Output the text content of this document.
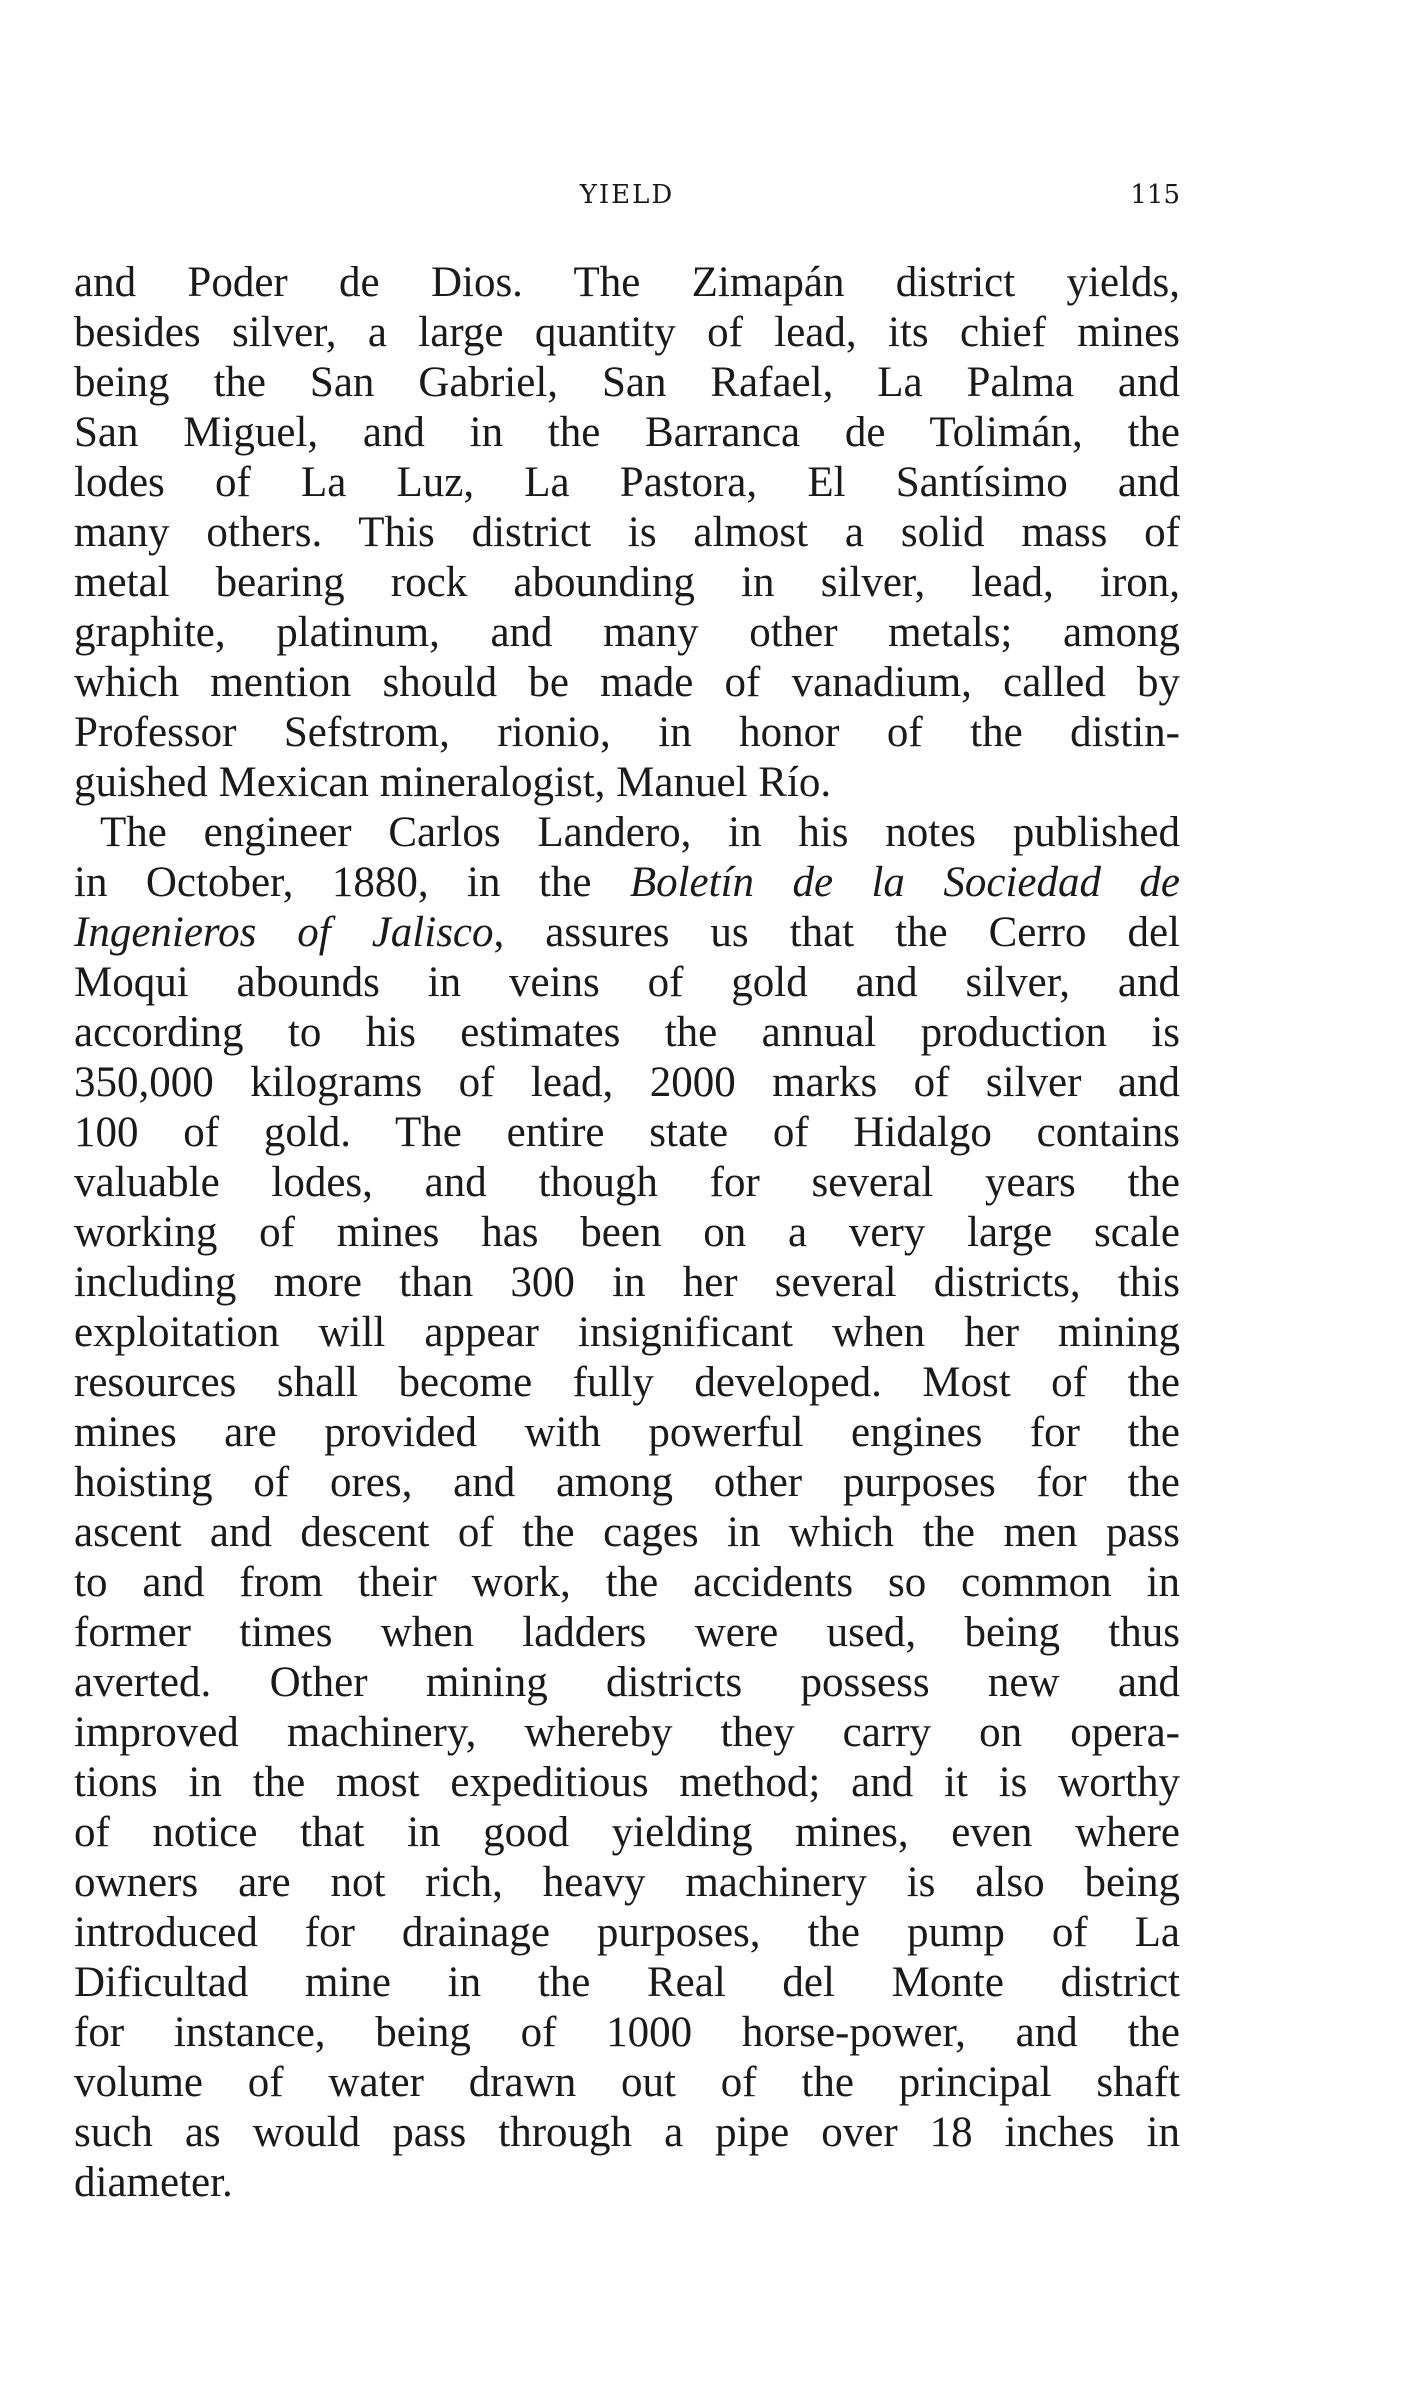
YIELD	115
and Poder de Dios. The Zimapán district yields,
besides silver, a large quantity of lead, its chief mines
being the San Gabriel, San Rafael, La Palma and
San Miguel, and in the Barranca de Tolimán, the
lodes of La Luz, La Pastora, El Santísimo and
many others. This district is almost a solid mass of
metal bearing rock abounding in silver, lead, iron,
graphite, platinum, and many other metals; among
which mention should be made of vanadium, called by
Professor Sefstrom, rionio, in honor of the distin-
guished Mexican mineralogist, Manuel Río.
The engineer Carlos Landero, in his notes published
in October, 1880, in the Boletín de la Sociedad de
Ingenieros of Jalisco, assures us that the Cerro del
Moqui abounds in veins of gold and silver, and
according to his estimates the annual production is
350,000 kilograms of lead, 2000 marks of silver and
100 of gold. The entire state of Hidalgo contains
valuable lodes, and though for several years the
working of mines has been on a very large scale
including more than 300 in her several districts, this
exploitation will appear insignificant when her mining
resources shall become fully developed. Most of the
mines are provided with powerful engines for the
hoisting of ores, and among other purposes for the
ascent and descent of the cages in which the men pass
to and from their work, the accidents so common in
former times when ladders were used, being thus
averted. Other mining districts possess new and
improved machinery, whereby they carry on opera-
tions in the most expeditious method; and it is worthy
of notice that in good yielding mines, even where
owners are not rich, heavy machinery is also being
introduced for drainage purposes, the pump of La
Dificultad mine in the Real del Monte district
for instance, being of 1000 horse-power, and the
volume of water drawn out of the principal shaft
such as would pass through a pipe over 18 inches in
diameter.
